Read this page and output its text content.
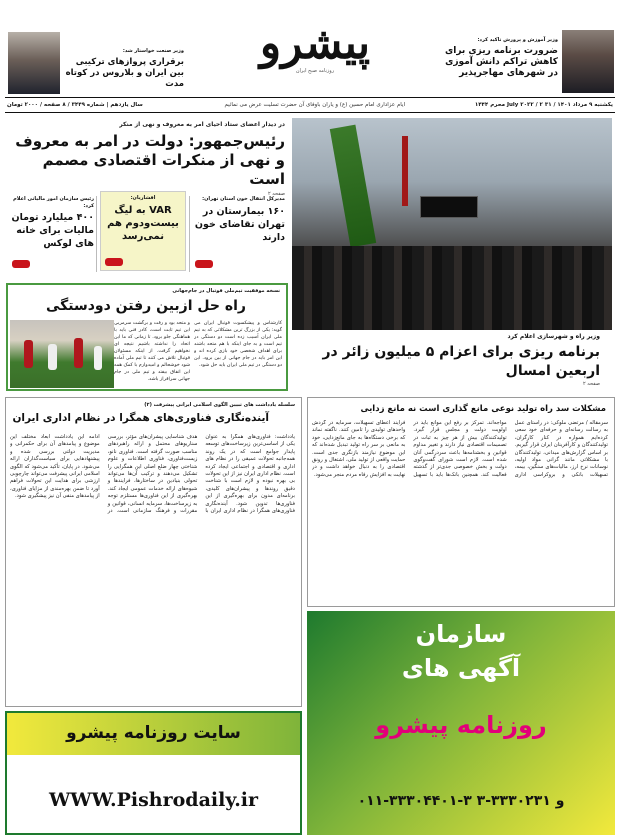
وزیر آموزش و پرورش تاکید کرد:
ضرورت برنامه ریزی برای کاهش تراکم دانش آموزی در شهرهای مهاجرپذیر
پیشرو
روزنامه صبح ایران
وزیر صنعت خواستار شد:
برقراری پروازهای ترکیبی بین ایران و بلاروس در کوتاه مدت
یکشنبه ۹ مرداد ۱۴۰۱ / ۳۱ July ۲۰۲۲ / ۲ محرم ۱۴۴۴
ایام عزاداری امام حسین (ع) و یاران باوفای آن حضرت تسلیت عرض می نمائیم
سال یازدهم | شماره ۳۴۴۹ / ۸ صفحه / ۲۰۰۰ تومان
در دیدار اعضای ستاد احیای امر به معروف و نهی از منکر
رئیس‌جمهور: دولت در امر به معروف و نهی از منکرات اقتصادی مصمم است
صفحه ۲
رئیس سازمان امور مالیاتی اعلام کرد:
۴۰۰ میلیارد تومان مالیات برای خانه های لوکس
افشاریان:
VAR به لیگ بیست‌ودوم هم نمی‌رسد
مدیرکل انتقال خون استان تهران:
۱۶۰ بیمارستان در تهران تقاضای خون دارند
نسخه موفقیت تیم‌ملی فوتبال در جام‌جهانی
راه حل ازبین رفتن دودستگی
کارشناس و پیشکسوت فوتبال ایران می گوید: یکی از بزرگ ترین مشکلاتی که به تیم ملی ایران آسیب زده است دو دستگی در تیم است و به جای اینکه با هم متحد باشند برای اهداف شخصی خود بازی کرده اند و این امر باید در جام جهانی از بین برود. این دو دستگی در تیم ملی ایران باید حل شود.
و متحد بود و رفت و برگشت سرمربی این تیم ثابت است، کادر فنی باید با هماهنگی جلو برود. تا زمانی که ما این اتحاد را نداشته باشیم نتیجه ای نخواهیم گرفت. از اینکه مسئولان فوتبال تلاش می کنند تا تیم ملی آماده شود خوشحالم و امیدوارم با کمک همه این اتفاق بیفتد و تیم ملی در جام جهانی سرافراز باشد.
وزیر راه و شهرسازی اعلام کرد
برنامه ریزی برای اعزام ۵ میلیون زائر در اربعین امسال
صفحه ۲
سلسله یادداشت های تبیین الگوی اسلامی ایرانی پیشرفت (۲)
آینده‌نگاری فناوری‌های همگرا در نظام اداری ایران
یادداشت: فناوری‌های همگرا به عنوان یکی از اساسی‌ترین زیرساخت‌های توسعه پایدار جوامع است که در یک روند همه‌جانبه تحولات عمیقی را در نظام های اداری و اقتصادی و اجتماعی ایجاد کرده است. نظام اداری ایران نیز از این تحولات بی بهره نبوده و لازم است با شناخت دقیق روندها و پیشران‌های کلیدی، برنامه‌ای مدون برای بهره‌گیری از این فناوری‌ها تدوین شود. آینده‌نگاری فناوری‌های همگرا در نظام اداری ایران با هدف شناسایی پیشران‌های مؤثر، بررسی سناریوهای محتمل و ارائه راهبردهای مناسب صورت گرفته است. فناوری نانو، زیست‌فناوری، فناوری اطلاعات و علوم شناختی چهار ضلع اصلی این همگرایی را تشکیل می‌دهند و ترکیب آن‌ها می‌تواند تحولی بنیادین در ساختارها، فرایندها و شیوه‌های ارائه خدمات عمومی ایجاد کند. بهره‌گیری از این فناوری‌ها مستلزم توجه به زیرساخت‌ها، سرمایه انسانی، قوانین و مقررات و فرهنگ سازمانی است. در ادامه این یادداشت ابعاد مختلف این موضوع و پیامدهای آن برای حکمرانی و مدیریت دولتی بررسی شده و پیشنهادهایی برای سیاست‌گذاران ارائه می‌شود. در پایان، تأکید می‌شود که الگوی اسلامی ایرانی پیشرفت می‌تواند چارچوبی ارزشی برای هدایت این تحولات فراهم آورد تا ضمن بهره‌مندی از مزایای فناوری، از پیامدهای منفی آن نیز پیشگیری شود.
مشکلات سد راه تولید نوعی مانع گذاری است نه مانع زدایی
سرمقاله / مرتضی ملوکی: در راستای عمل به رسالت رسانه‌ای و حرفه‌ای خود سعی کرده‌ایم همواره در کنار کارگران، تولیدکنندگان و کارآفرینان ایران قرار گیریم. بر اساس گزارش‌های میدانی، تولیدکنندگان با مشکلاتی مانند گرانی مواد اولیه، نوسانات نرخ ارز، مالیات‌های سنگین، بیمه، تسهیلات بانکی و بروکراسی اداری مواجه‌اند. تمرکز بر رفع این موانع باید در اولویت دولت و مجلس قرار گیرد. تولیدکنندگان بیش از هر چیز به ثبات در تصمیمات اقتصادی نیاز دارند و تغییر مداوم قوانین و بخشنامه‌ها باعث سردرگمی آنان شده است. لازم است شورای گفت‌وگوی دولت و بخش خصوصی جدی‌تر از گذشته فعالیت کند. همچنین بانک‌ها باید با تسهیل فرایند اعطای تسهیلات، سرمایه در گردش واحدهای تولیدی را تامین کنند. ناگفته نماند که برخی دستگاه‌ها به جای مانع‌زدایی، خود به مانعی بر سر راه تولید تبدیل شده‌اند که این موضوع نیازمند بازنگری جدی است. حمایت واقعی از تولید ملی، اشتغال و رونق اقتصادی را به دنبال خواهد داشت و در نهایت به افزایش رفاه مردم منجر می‌شود.
سازمان
آگهی های
روزنامه پیشرو
۰۱۱-۳۳۳۰۴۴۰۱-۳ و ۳۳۳۰۲۳۱-۳
سایت روزنامه پیشرو
WWW.Pishrodaily.ir
